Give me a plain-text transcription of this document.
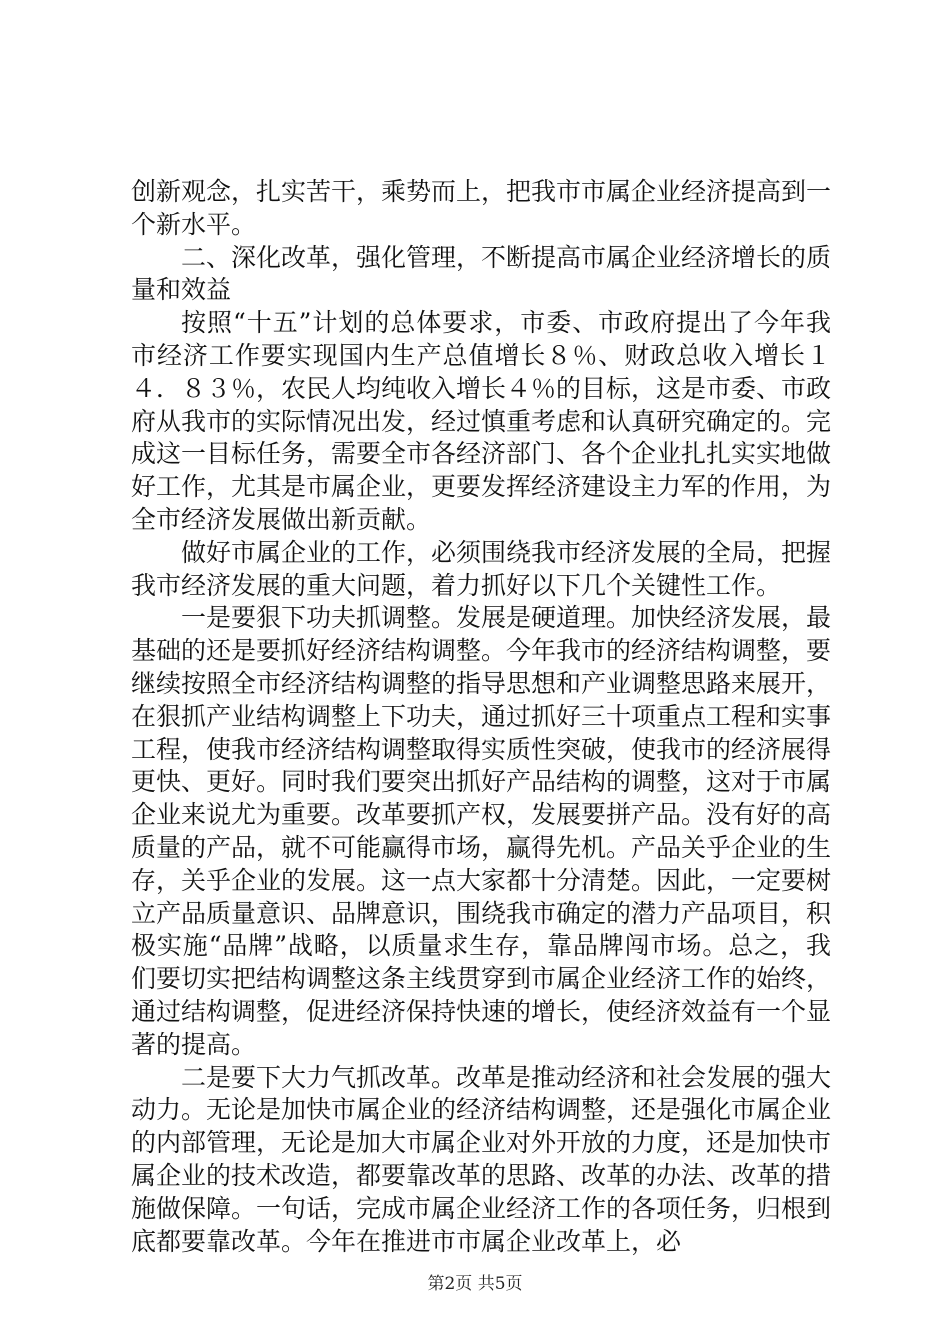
创新观念，扎实苦干，乘势而上，把我市市属企业经济提高到一个新水平。

二、深化改革，强化管理，不断提高市属企业经济增长的质量和效益

按照“十五”计划的总体要求，市委、市政府提出了今年我市经济工作要实现国内生产总值增长８％、财政总收入增长１４．８３％，农民人均纯收入增长４％的目标，这是市委、市政府从我市的实际情况出发，经过慎重考虑和认真研究确定的。完成这一目标任务，需要全市各经济部门、各个企业扎扎实实地做好工作，尤其是市属企业，更要发挥经济建设主力军的作用，为全市经济发展做出新贡献。

做好市属企业的工作，必须围绕我市经济发展的全局，把握我市经济发展的重大问题，着力抓好以下几个关键性工作。

一是要狠下功夫抓调整。发展是硬道理。加快经济发展，最基础的还是要抓好经济结构调整。今年我市的经济结构调整，要继续按照全市经济结构调整的指导思想和产业调整思路来展开，在狠抓产业结构调整上下功夫，通过抓好三十项重点工程和实事工程，使我市经济结构调整取得实质性突破，使我市的经济展得更快、更好。同时我们要突出抓好产品结构的调整，这对于市属企业来说尤为重要。改革要抓产权，发展要拼产品。没有好的高质量的产品，就不可能赢得市场，赢得先机。产品关乎企业的生存，关乎企业的发展。这一点大家都十分清楚。因此，一定要树立产品质量意识、品牌意识，围绕我市确定的潜力产品项目，积极实施“品牌”战略，以质量求生存，靠品牌闯市场。总之，我们要切实把结构调整这条主线贯穿到市属企业经济工作的始终，通过结构调整，促进经济保持快速的增长，使经济效益有一个显著的提高。

二是要下大力气抓改革。改革是推动经济和社会发展的强大动力。无论是加快市属企业的经济结构调整，还是强化市属企业的内部管理，无论是加大市属企业对外开放的力度，还是加快市属企业的技术改造，都要靠改革的思路、改革的办法、改革的措施做保障。一句话，完成市属企业经济工作的各项任务，归根到底都要靠改革。今年在推进市市属企业改革上，必

第2页 共5页
